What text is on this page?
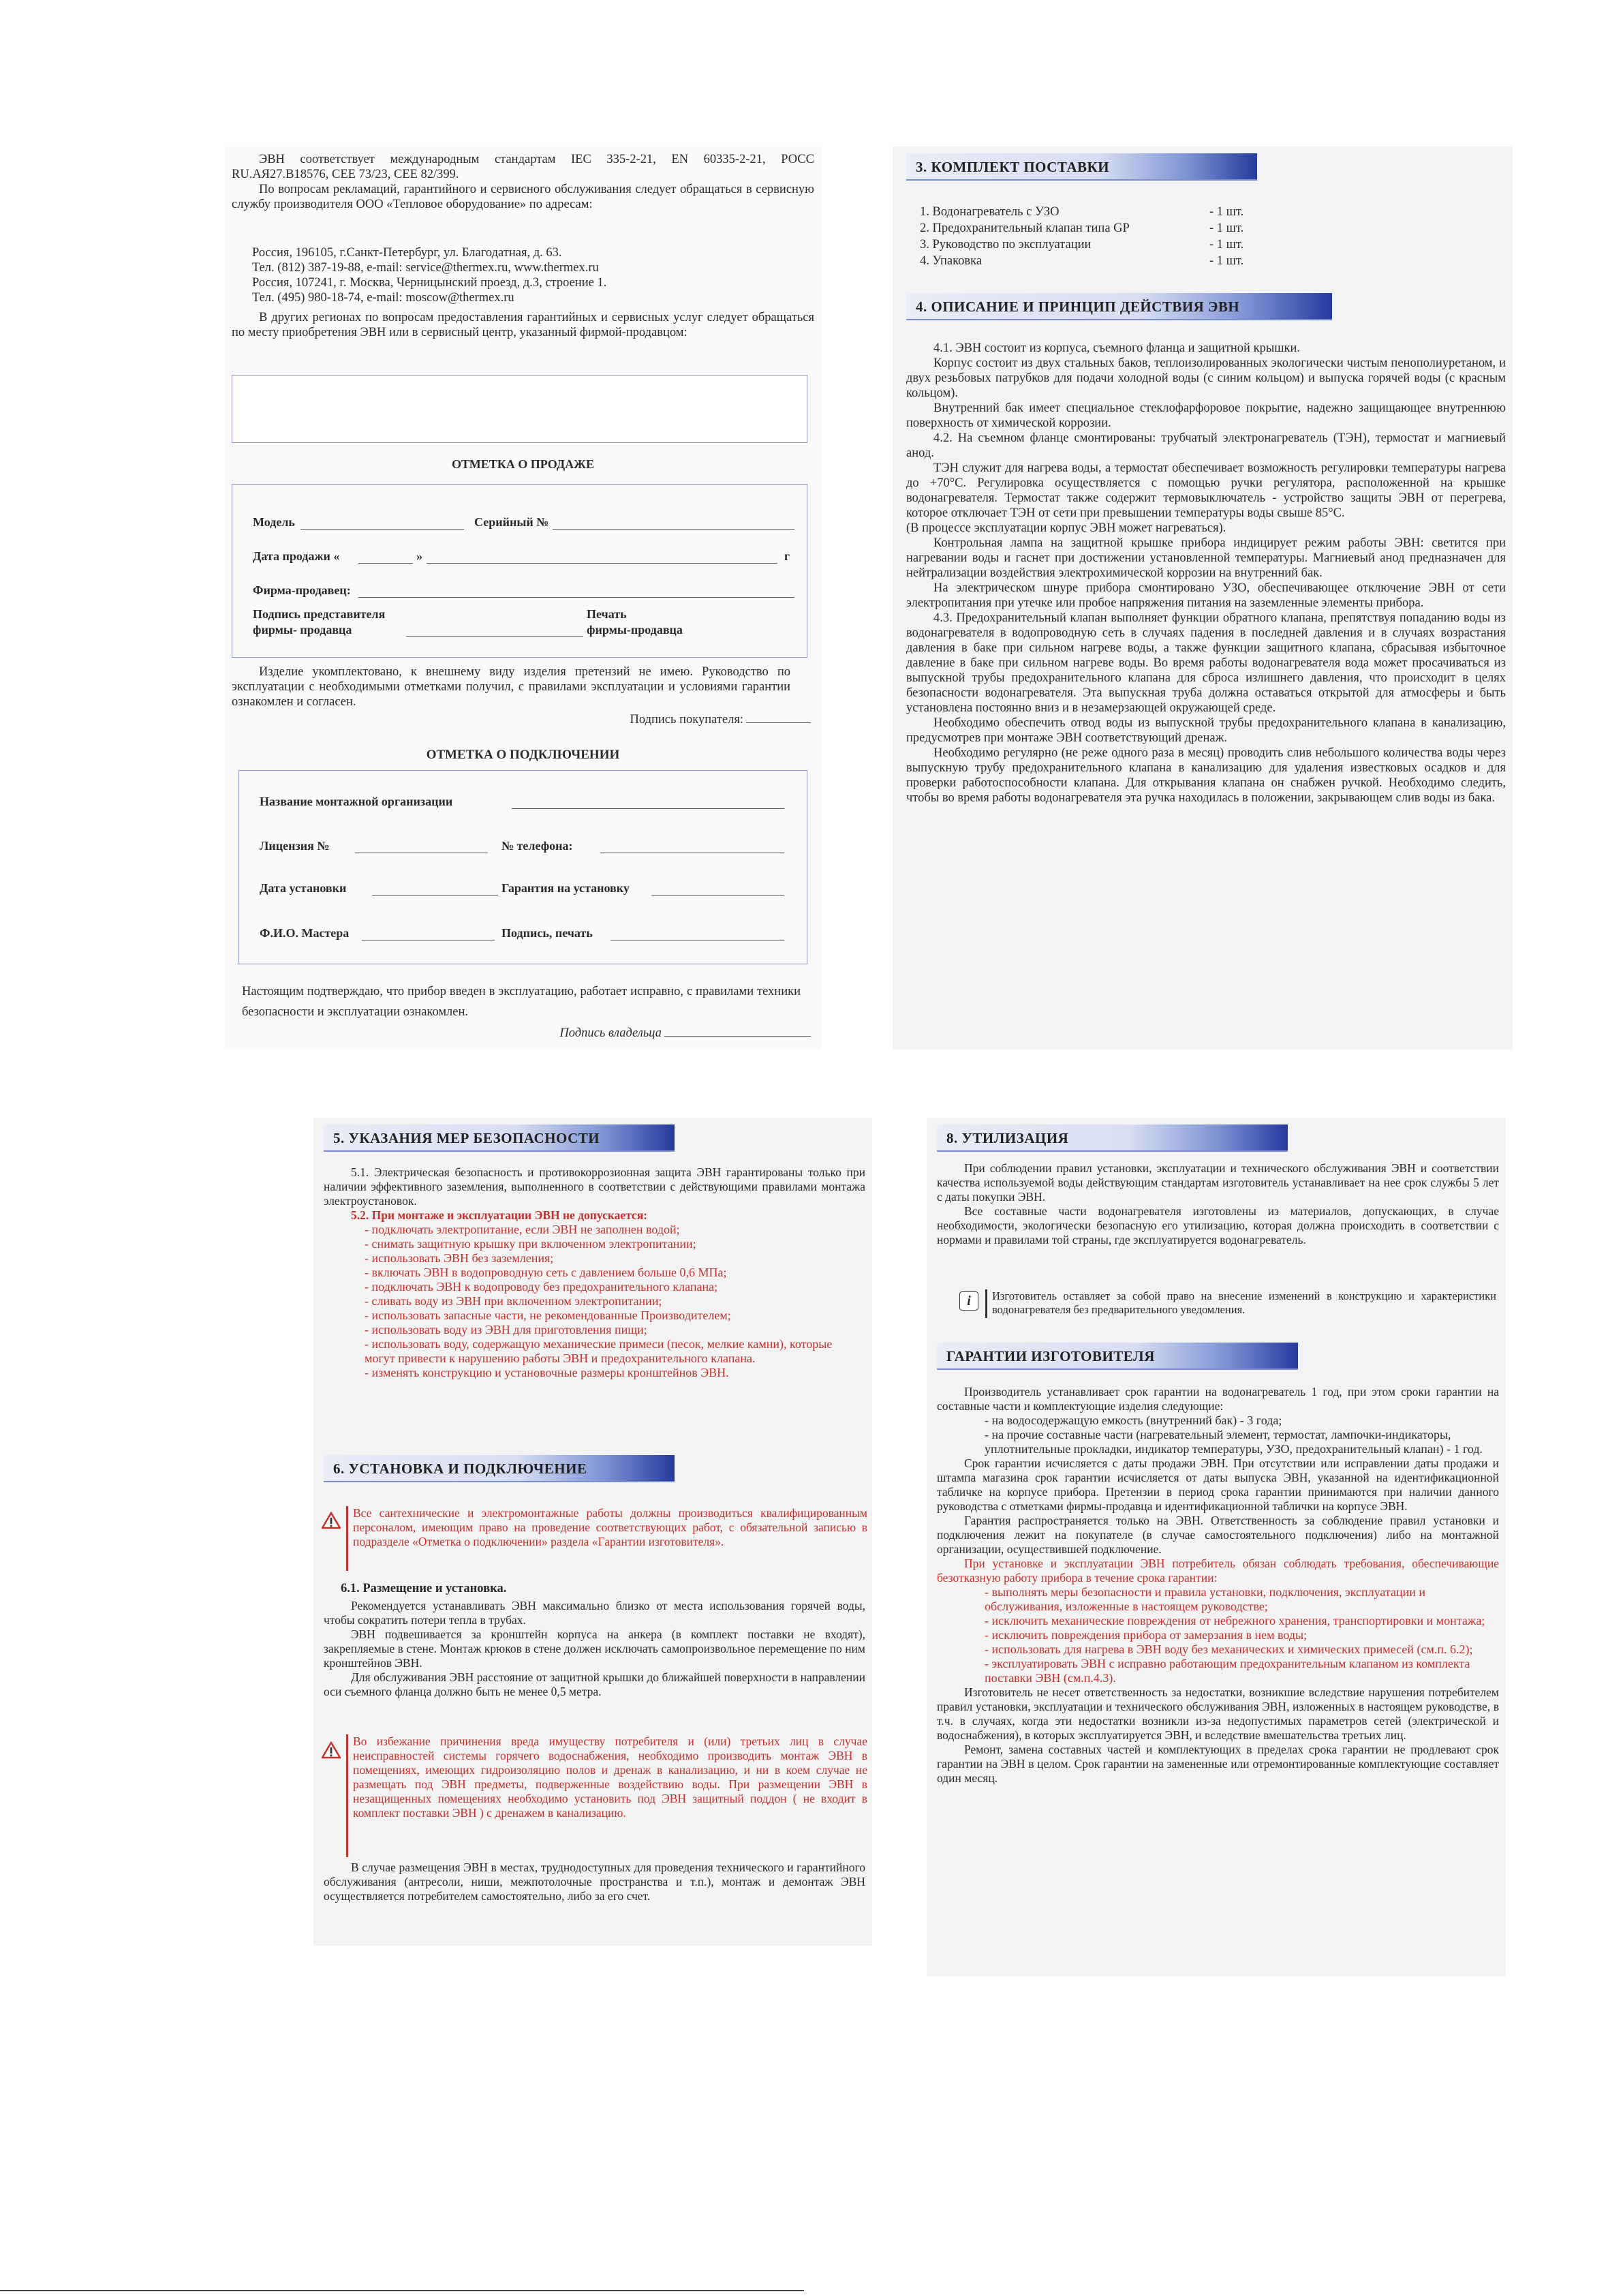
ЭВН соответствует международным стандартам IEC 335-2-21, EN 60335-2-21, РОСС RU.АЯ27.В18576, CEE 73/23, CEE 82/399.

По вопросам рекламаций, гарантийного и сервисного обслуживания следует обращаться в сервисную службу производителя ООО «Тепловое оборудование» по адресам:

Россия, 196105, г.Санкт-Петербург, ул. Благодатная, д. 63.

Тел. (812) 387-19-88, e-mail: service@thermex.ru, www.thermex.ru

Россия, 107241, г. Москва, Черницынский проезд, д.3, строение 1.

Тел. (495) 980-18-74, e-mail: moscow@thermex.ru

В других регионах по вопросам предоставления гарантийных и сервисных услуг следует обращаться по месту приобретения ЭВН или в сервисный центр, указанный фирмой-продавцом:

ОТМЕТКА О ПРОДАЖЕ

Модель	Серийный №
Дата продажи «	»	г
Фирма-продавец:
Подпись представителя
фирмы- продавца
Печать
фирмы-продавца

Изделие укомплектовано, к внешнему виду изделия претензий не имею. Руководство по эксплуатации с необходимыми отметками получил, с правилами эксплуатации и условиями гарантии ознакомлен и согласен.

Подпись покупателя:

ОТМЕТКА О ПОДКЛЮЧЕНИИ

Название монтажной организации
Лицензия №	№ телефона:
Дата установки	Гарантия на установку
Ф.И.О. Мастера	Подпись, печать

Настоящим подтверждаю, что прибор введен в эксплуатацию, работает исправно, с правилами техники безопасности и эксплуатации ознакомлен.

Подпись владельца
3. КОМПЛЕКТ ПОСТАВКИ
1. Водонагреватель с УЗО	- 1 шт.
2. Предохранительный клапан типа GP	- 1 шт.
3. Руководство по эксплуатации	- 1 шт.
4. Упаковка	- 1 шт.
4. ОПИСАНИЕ И ПРИНЦИП ДЕЙСТВИЯ ЭВН

4.1. ЭВН состоит из корпуса, съемного фланца и защитной крышки.

Корпус состоит из двух стальных баков, теплоизолированных экологически чистым пенополиуретаном, и двух резьбовых патрубков для подачи холодной воды (с синим кольцом) и выпуска горячей воды (с красным кольцом).

Внутренний бак имеет специальное стеклофарфоровое покрытие, надежно защищающее внутреннюю поверхность от химической коррозии.

4.2. На съемном фланце смонтированы: трубчатый электронагреватель (ТЭН), термостат и магниевый анод.

ТЭН служит для нагрева воды, а термостат обеспечивает возможность регулировки температуры нагрева до +70°С. Регулировка осуществляется с помощью ручки регулятора, расположенной на крышке водонагревателя. Термостат также содержит термовыключатель - устройство защиты ЭВН от перегрева, которое отключает ТЭН от сети при превышении температуры воды свыше 85°С.

(В процессе эксплуатации корпус ЭВН может нагреваться).

Контрольная лампа на защитной крышке прибора индицирует режим работы ЭВН: светится при нагревании воды и гаснет при достижении установленной температуры. Магниевый анод предназначен для нейтрализации воздействия электрохимической коррозии на внутренний бак.

На электрическом шнуре прибора смонтировано УЗО, обеспечивающее отключение ЭВН от сети электропитания при утечке или пробое напряжения питания на заземленные элементы прибора.

4.3. Предохранительный клапан выполняет функции обратного клапана, препятствуя попаданию воды из водонагревателя в водопроводную сеть в случаях падения в последней давления и в случаях возрастания давления в баке при сильном нагреве воды, а также функции защитного клапана, сбрасывая избыточное давление в баке при сильном нагреве воды. Во время работы водонагревателя вода может просачиваться из выпускной трубы предохранительного клапана для сброса излишнего давления, что происходит в целях безопасности водонагревателя. Эта выпускная труба должна оставаться открытой для атмосферы и быть установлена постоянно вниз и в незамерзающей окружающей среде.

Необходимо обеспечить отвод воды из выпускной трубы предохранительного клапана в канализацию, предусмотрев при монтаже ЭВН соответствующий дренаж.

Необходимо регулярно (не реже одного раза в месяц) проводить слив небольшого количества воды через выпускную трубу предохранительного клапана в канализацию для удаления известковых осадков и для проверки работоспособности клапана. Для открывания клапана он снабжен ручкой. Необходимо следить, чтобы во время работы водонагревателя эта ручка находилась в положении, закрывающем слив воды из бака.

5. УКАЗАНИЯ МЕР БЕЗОПАСНОСТИ

5.1. Электрическая безопасность и противокоррозионная защита ЭВН гарантированы только при наличии эффективного заземления, выполненного в соответствии с действующими правилами монтажа электроустановок.

5.2. При монтаже и эксплуатации ЭВН не допускается:

- подключать электропитание, если ЭВН не заполнен водой;
- снимать защитную крышку при включенном электропитании;
- использовать ЭВН без заземления;
- включать ЭВН в водопроводную сеть с давлением больше 0,6 МПа;
- подключать ЭВН к водопроводу без предохранительного клапана;
- сливать воду из ЭВН при включенном электропитании;
- использовать запасные части, не рекомендованные Производителем;
- использовать воду из ЭВН для приготовления пищи;
- использовать воду, содержащую механические примеси (песок, мелкие камни), которые могут привести к нарушению работы ЭВН и предохранительного клапана.
- изменять конструкцию и установочные размеры кронштейнов ЭВН.
6. УСТАНОВКА И ПОДКЛЮЧЕНИЕ

Все сантехнические и электромонтажные работы должны производиться квалифицированным персоналом, имеющим право на проведение соответствующих работ, с обязательной записью в подразделе «Отметка о подключении» раздела «Гарантии изготовителя».

6.1. Размещение и установка.

Рекомендуется устанавливать ЭВН максимально близко от места использования горячей воды, чтобы сократить потери тепла в трубах.

ЭВН подвешивается за кронштейн корпуса на анкера (в комплект поставки не входят), закрепляемые в стене. Монтаж крюков в стене должен исключать самопроизвольное перемещение по ним кронштейнов ЭВН.

Для обслуживания ЭВН расстояние от защитной крышки до ближайшей поверхности в направлении оси съемного фланца должно быть не менее 0,5 метра.

Во избежание причинения вреда имуществу потребителя и (или) третьих лиц в случае неисправностей системы горячего водоснабжения, необходимо производить монтаж ЭВН в помещениях, имеющих гидроизоляцию полов и дренаж в канализацию, и ни в коем случае не размещать под ЭВН предметы, подверженные воздействию воды. При размещении ЭВН в незащищенных помещениях необходимо установить под ЭВН защитный поддон ( не входит в комплект поставки ЭВН ) с дренажем в канализацию.

В случае размещения ЭВН в местах, труднодоступных для проведения технического и гарантийного обслуживания (антресоли, ниши, межпотолочные пространства и т.п.), монтаж и демонтаж ЭВН осуществляется потребителем самостоятельно, либо за его счет.

8. УТИЛИЗАЦИЯ

При соблюдении правил установки, эксплуатации и технического обслуживания ЭВН и соответствии качества используемой воды действующим стандартам изготовитель устанавливает на нее срок службы 5 лет с даты покупки ЭВН.

Все составные части водонагревателя изготовлены из материалов, допускающих, в случае необходимости, экологически безопасную его утилизацию, которая должна происходить в соответствии с нормами и правилами той страны, где эксплуатируется водонагреватель.

i	Изготовитель оставляет за собой право на внесение изменений в конструкцию и характеристики водонагревателя без предварительного уведомления.

ГАРАНТИИ ИЗГОТОВИТЕЛЯ

Производитель устанавливает срок гарантии на водонагреватель 1 год, при этом сроки гарантии на составные части и комплектующие изделия следующие:

- на водосодержащую емкость (внутренний бак) - 3 года;
- на прочие составные части (нагревательный элемент, термостат, лампочки-индикаторы, уплотнительные прокладки, индикатор температуры, УЗО, предохранительный клапан) - 1 год.

Срок гарантии исчисляется с даты продажи ЭВН. При отсутствии или исправлении даты продажи и штампа магазина срок гарантии исчисляется от даты выпуска ЭВН, указанной на идентификационной табличке на корпусе прибора. Претензии в период срока гарантии принимаются при наличии данного руководства с отметками фирмы-продавца и идентификационной таблички на корпусе ЭВН.

Гарантия распространяется только на ЭВН. Ответственность за соблюдение правил установки и подключения лежит на покупателе (в случае самостоятельного подключения) либо на монтажной организации, осуществившей подключение.

При установке и эксплуатации ЭВН потребитель обязан соблюдать требования, обеспечивающие безотказную работу прибора в течение срока гарантии:

- выполнять меры безопасности и правила установки, подключения, эксплуатации и обслуживания, изложенные в настоящем руководстве;
- исключить механические повреждения от небрежного хранения, транспортировки и монтажа;
- исключить повреждения прибора от замерзания в нем воды;
- использовать для нагрева в ЭВН воду без механических и химических примесей (см.п. 6.2);
- эксплуатировать ЭВН с исправно работающим предохранительным клапаном из комплекта поставки ЭВН (см.п.4.3).

Изготовитель не несет ответственность за недостатки, возникшие вследствие нарушения потребителем правил установки, эксплуатации и технического обслуживания ЭВН, изложенных в настоящем руководстве, в т.ч. в случаях, когда эти недостатки возникли из-за недопустимых параметров сетей (электрической и водоснабжения), в которых эксплуатируется ЭВН, и вследствие вмешательства третьих лиц.

Ремонт, замена составных частей и комплектующих в пределах срока гарантии не продлевают срок гарантии на ЭВН в целом. Срок гарантии на замененные или отремонтированные комплектующие составляет один месяц.
